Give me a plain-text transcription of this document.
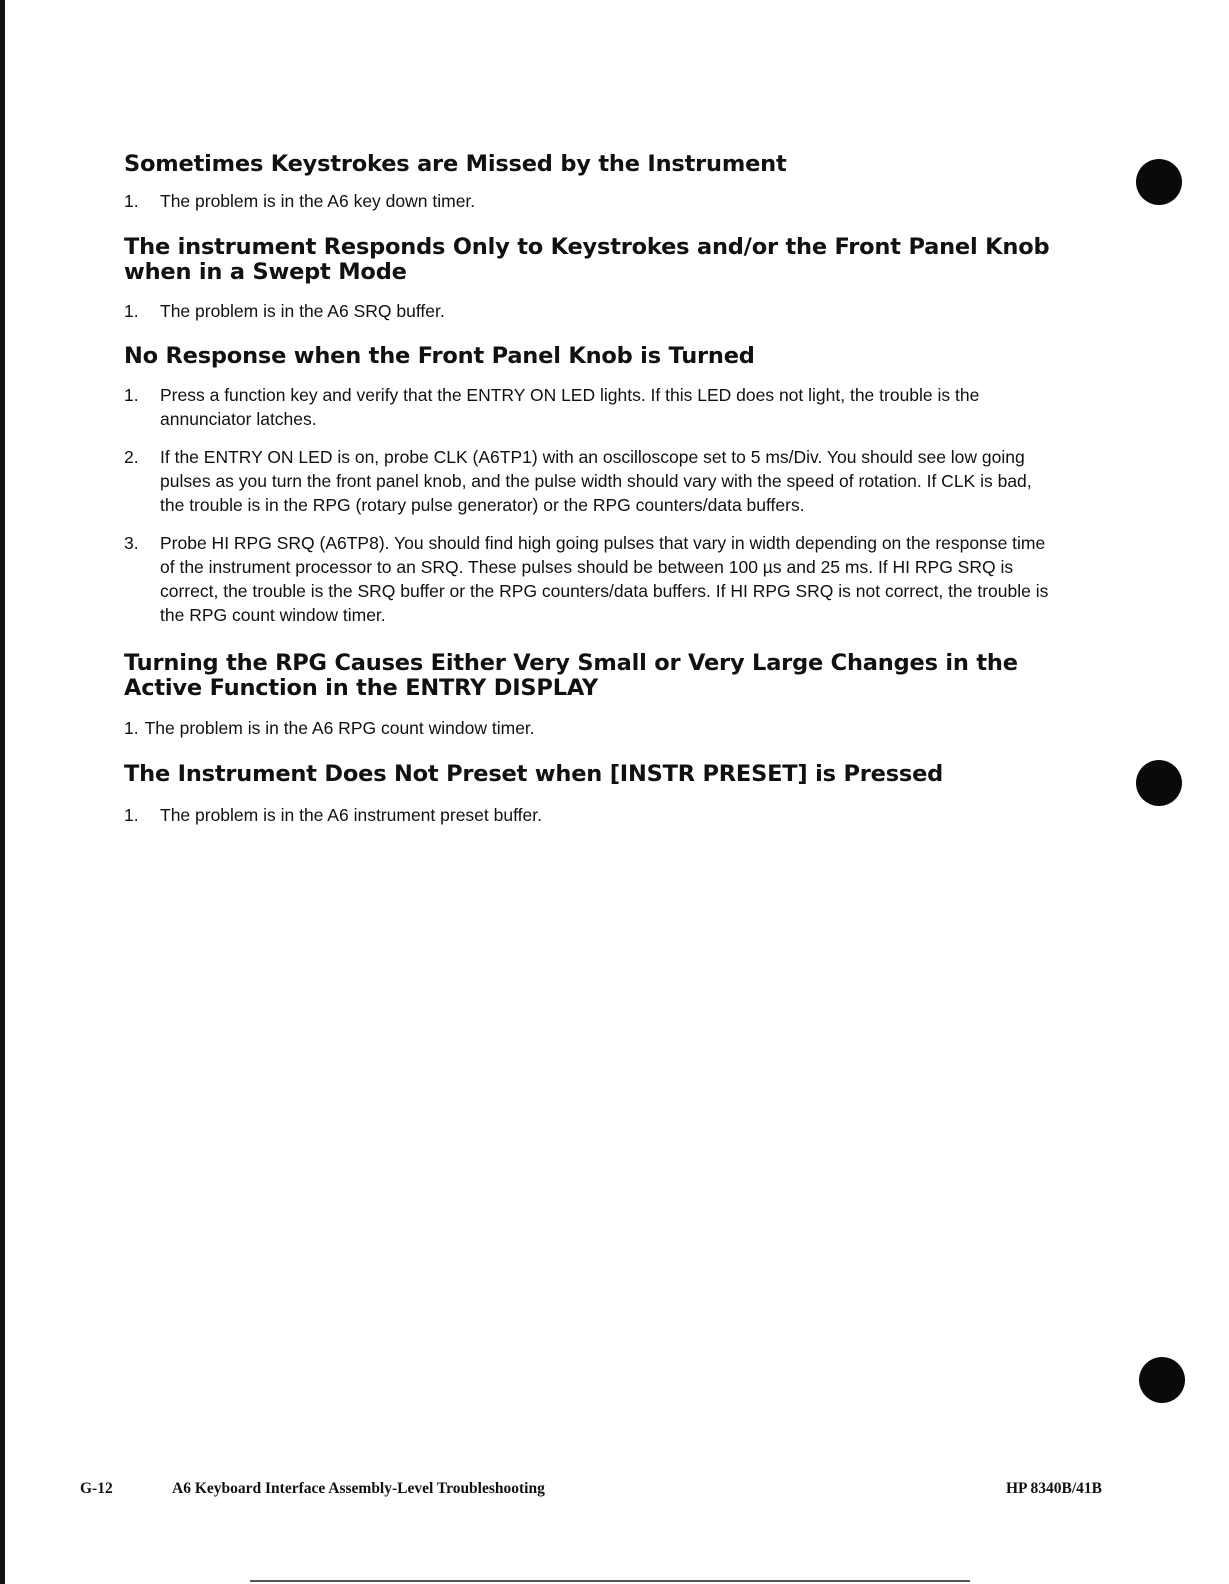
Sometimes Keystrokes are Missed by the Instrument
1.	The problem is in the A6 key down timer.
The instrument Responds Only to Keystrokes and/or the Front Panel Knob when in a Swept Mode
1.	The problem is in the A6 SRQ buffer.
No Response when the Front Panel Knob is Turned
1.	Press a function key and verify that the ENTRY ON LED lights. If this LED does not light, the trouble is the annunciator latches.
2.	If the ENTRY ON LED is on, probe CLK (A6TP1) with an oscilloscope set to 5 ms/Div. You should see low going pulses as you turn the front panel knob, and the pulse width should vary with the speed of rotation. If CLK is bad, the trouble is in the RPG (rotary pulse generator) or the RPG counters/data buffers.
3.	Probe HI RPG SRQ (A6TP8). You should find high going pulses that vary in width depending on the response time of the instrument processor to an SRQ. These pulses should be between 100 µs and 25 ms. If HI RPG SRQ is correct, the trouble is the SRQ buffer or the RPG counters/data buffers. If HI RPG SRQ is not correct, the trouble is the RPG count window timer.
Turning the RPG Causes Either Very Small or Very Large Changes in the Active Function in the ENTRY DISPLAY
1. The problem is in the A6 RPG count window timer.
The Instrument Does Not Preset when [INSTR PRESET] is Pressed
1.	The problem is in the A6 instrument preset buffer.
G-12	A6 Keyboard Interface Assembly-Level Troubleshooting	HP 8340B/41B
